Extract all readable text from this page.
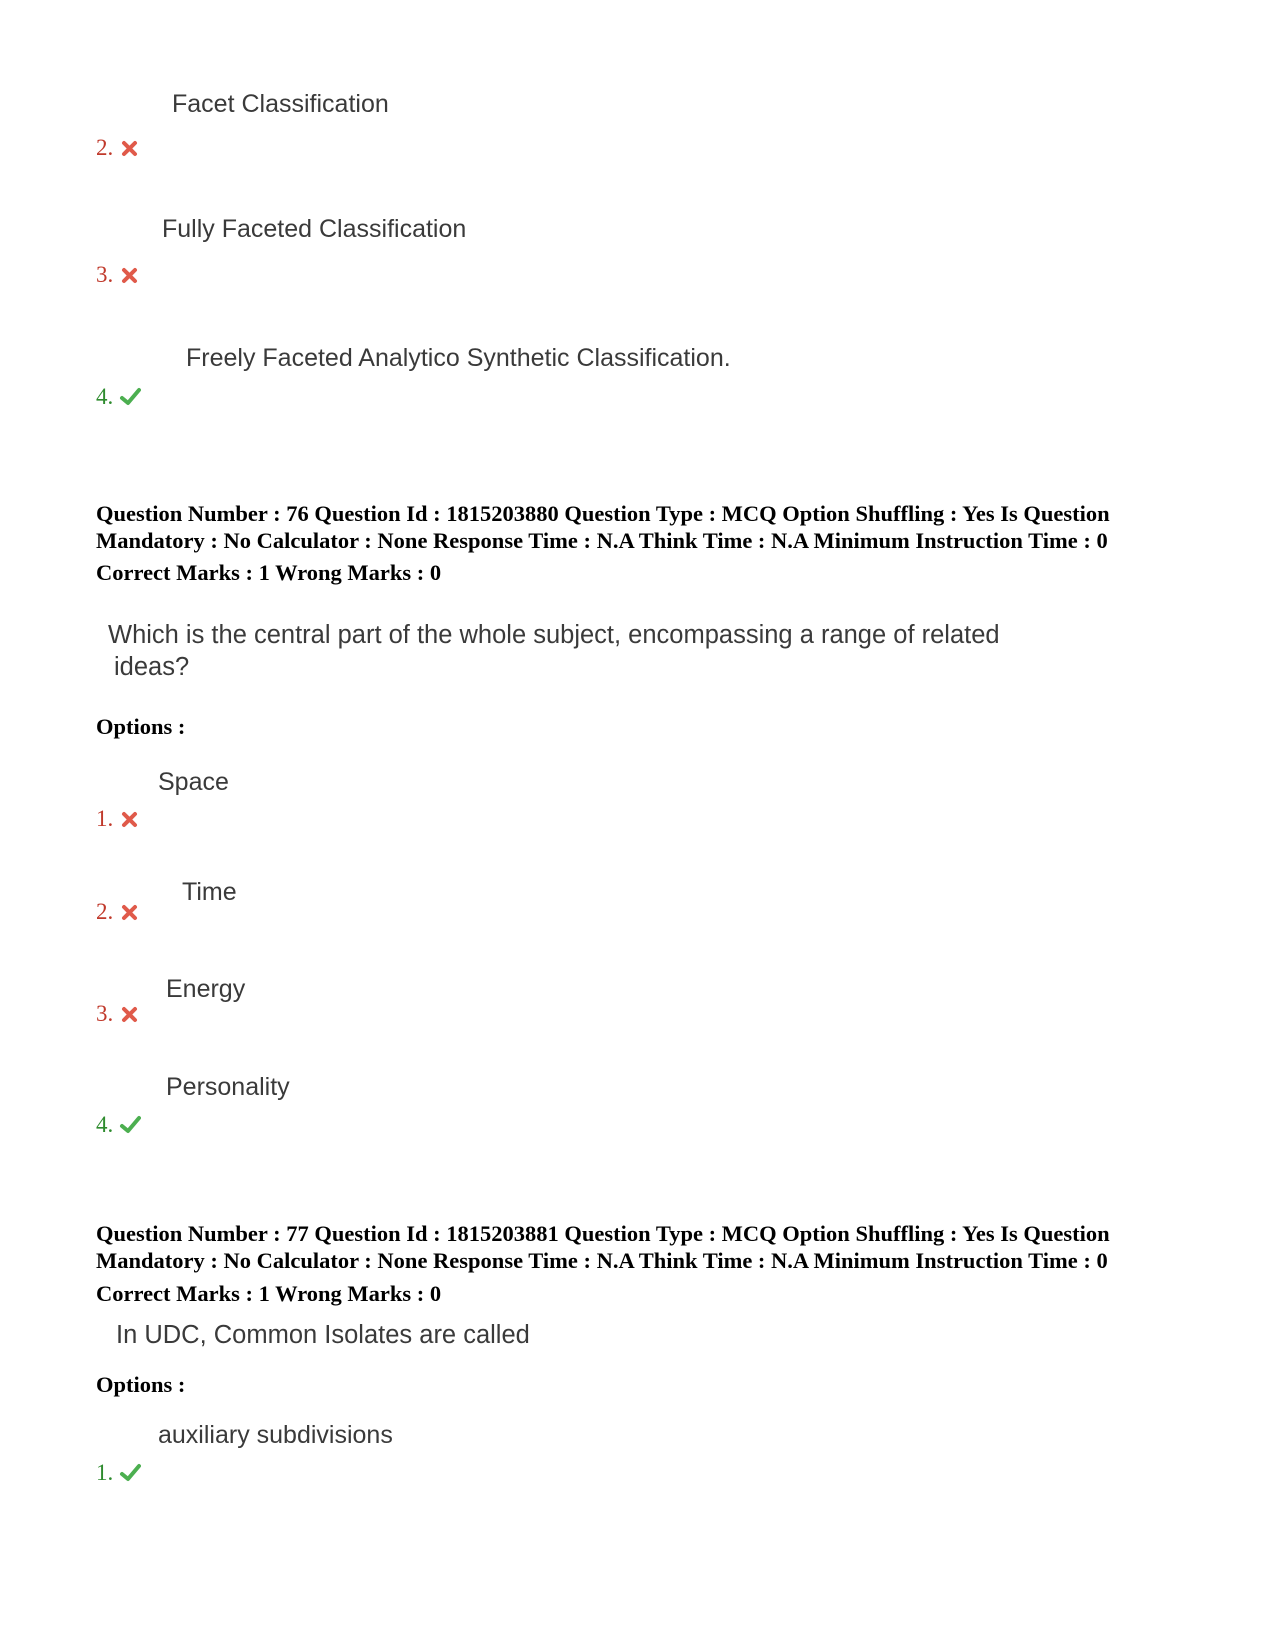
Facet Classification
2.
Fully Faceted Classification
3.
Freely Faceted Analytico Synthetic Classification.
4.
Question Number : 76 Question Id : 1815203880 Question Type : MCQ Option Shuffling : Yes Is Question
Mandatory : No Calculator : None Response Time : N.A Think Time : N.A Minimum Instruction Time : 0
Correct Marks : 1 Wrong Marks : 0
Which is the central part of the whole subject, encompassing a range of related
ideas?
Options :
Space
1.
Time
2.
Energy
3.
Personality
4.
Question Number : 77 Question Id : 1815203881 Question Type : MCQ Option Shuffling : Yes Is Question
Mandatory : No Calculator : None Response Time : N.A Think Time : N.A Minimum Instruction Time : 0
Correct Marks : 1 Wrong Marks : 0
In UDC, Common Isolates are called
Options :
auxiliary subdivisions
1.
